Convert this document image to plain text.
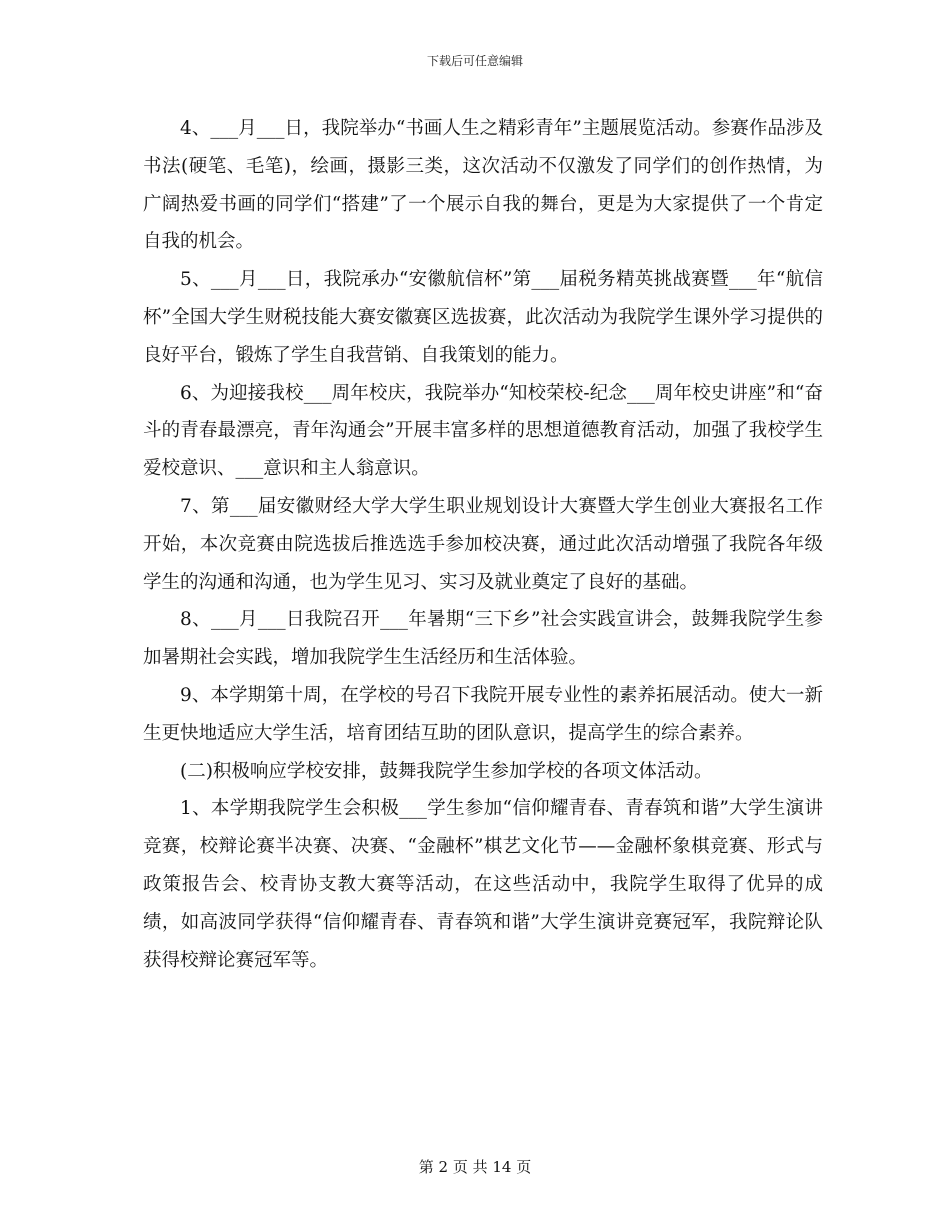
下载后可任意编辑

4、___月___日，我院举办“书画人生之精彩青年”主题展览活动。参赛作品涉及书法(硬笔、毛笔)，绘画，摄影三类，这次活动不仅激发了同学们的创作热情，为广阔热爱书画的同学们“搭建”了一个展示自我的舞台，更是为大家提供了一个肯定自我的机会。

5、___月___日，我院承办“安徽航信杯”第___届税务精英挑战赛暨___年“航信杯”全国大学生财税技能大赛安徽赛区选拔赛，此次活动为我院学生课外学习提供的良好平台，锻炼了学生自我营销、自我策划的能力。

6、为迎接我校___周年校庆，我院举办“知校荣校-纪念___周年校史讲座”和“奋斗的青春最漂亮，青年沟通会”开展丰富多样的思想道德教育活动，加强了我校学生爱校意识、___意识和主人翁意识。

7、第___届安徽财经大学大学生职业规划设计大赛暨大学生创业大赛报名工作开始，本次竞赛由院选拔后推选选手参加校决赛，通过此次活动增强了我院各年级学生的沟通和沟通，也为学生见习、实习及就业奠定了良好的基础。

8、___月___日我院召开___年暑期“三下乡”社会实践宣讲会，鼓舞我院学生参加暑期社会实践，增加我院学生生活经历和生活体验。

9、本学期第十周，在学校的号召下我院开展专业性的素养拓展活动。使大一新生更快地适应大学生活，培育团结互助的团队意识，提高学生的综合素养。

(二)积极响应学校安排，鼓舞我院学生参加学校的各项文体活动。

1、本学期我院学生会积极___学生参加“信仰耀青春、青春筑和谐”大学生演讲竞赛，校辩论赛半决赛、决赛、“金融杯”棋艺文化节——金融杯象棋竞赛、形式与政策报告会、校青协支教大赛等活动，在这些活动中，我院学生取得了优异的成绩，如高波同学获得“信仰耀青春、青春筑和谐”大学生演讲竞赛冠军，我院辩论队获得校辩论赛冠军等。

第 2 页 共 14 页
